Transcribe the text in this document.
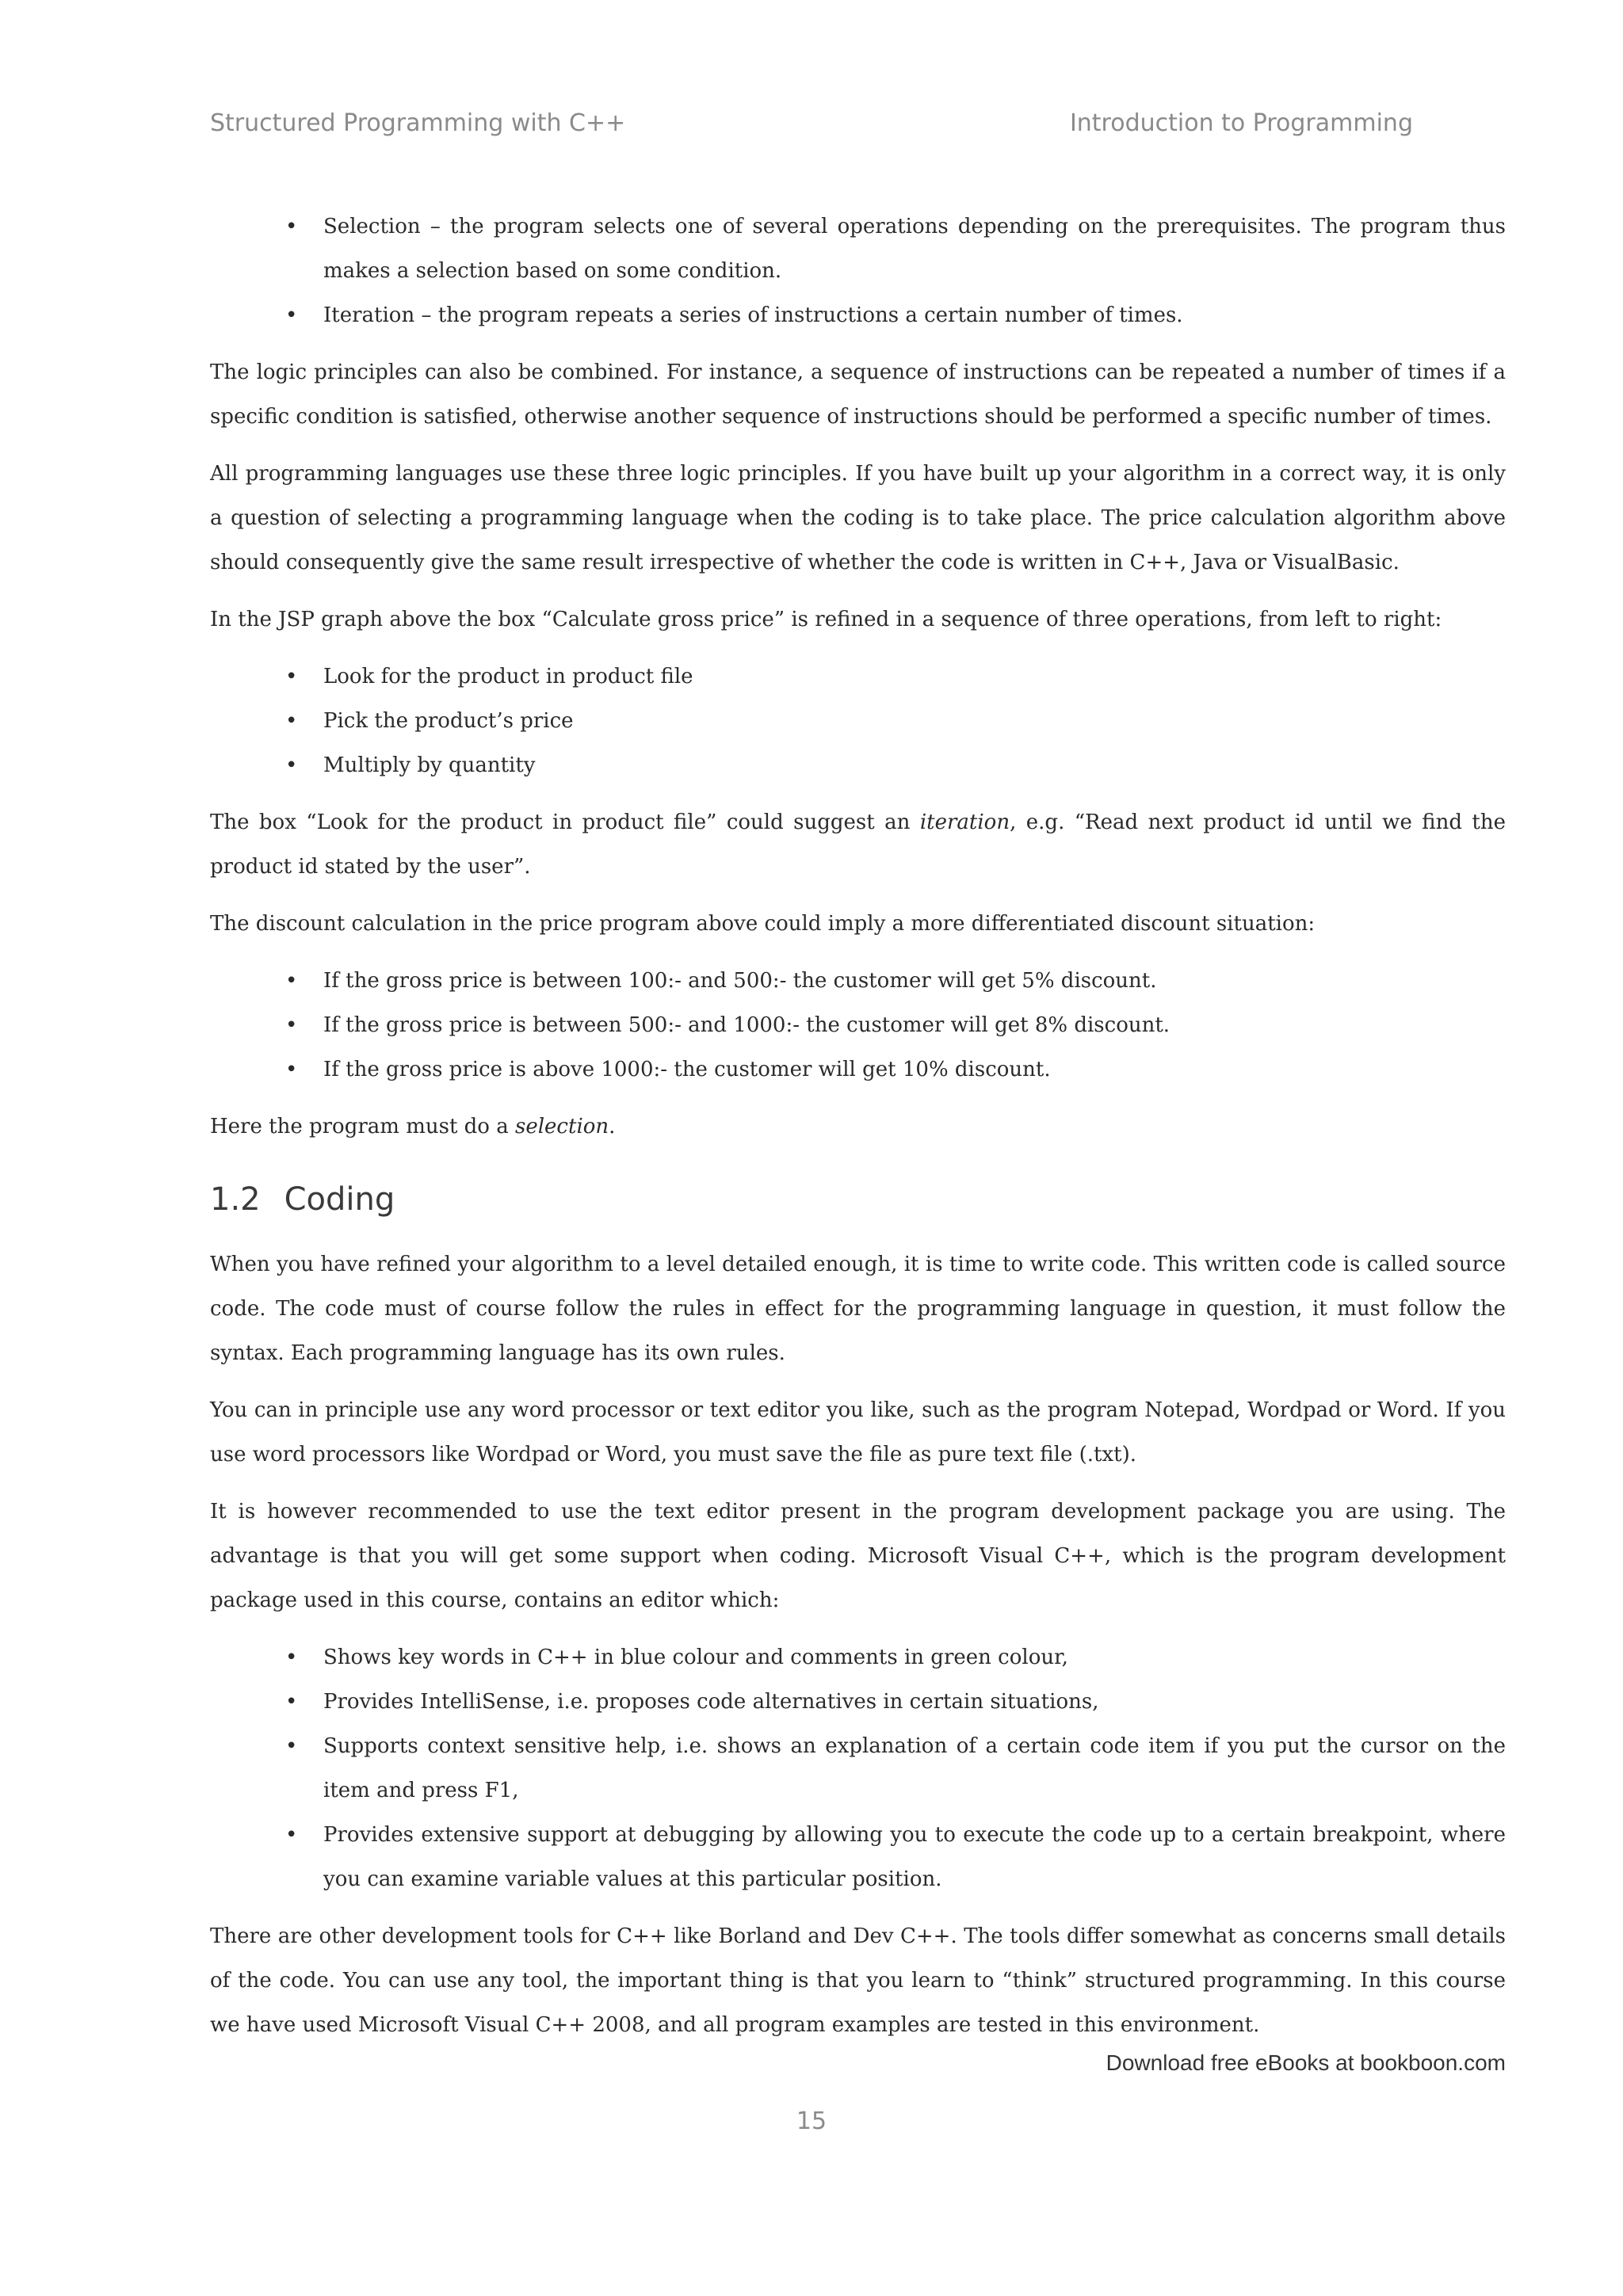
Structured Programming with C++	Introduction to Programming
• Selection – the program selects one of several operations depending on the prerequisites. The program thus makes a selection based on some condition.
• Iteration – the program repeats a series of instructions a certain number of times.

The logic principles can also be combined. For instance, a sequence of instructions can be repeated a number of times if a specific condition is satisfied, otherwise another sequence of instructions should be performed a specific number of times.

All programming languages use these three logic principles. If you have built up your algorithm in a correct way, it is only a question of selecting a programming language when the coding is to take place. The price calculation algorithm above should consequently give the same result irrespective of whether the code is written in C++, Java or VisualBasic.

In the JSP graph above the box “Calculate gross price” is refined in a sequence of three operations, from left to right:

• Look for the product in product file
• Pick the product’s price
• Multiply by quantity

The box “Look for the product in product file” could suggest an iteration, e.g. “Read next product id until we find the product id stated by the user”.

The discount calculation in the price program above could imply a more differentiated discount situation:

• If the gross price is between 100:- and 500:- the customer will get 5% discount.
• If the gross price is between 500:- and 1000:- the customer will get 8% discount.
• If the gross price is above 1000:- the customer will get 10% discount.

Here the program must do a selection.

1.2 Coding

When you have refined your algorithm to a level detailed enough, it is time to write code. This written code is called source code. The code must of course follow the rules in effect for the programming language in question, it must follow the syntax. Each programming language has its own rules.

You can in principle use any word processor or text editor you like, such as the program Notepad, Wordpad or Word. If you use word processors like Wordpad or Word, you must save the file as pure text file (.txt).

It is however recommended to use the text editor present in the program development package you are using. The advantage is that you will get some support when coding. Microsoft Visual C++, which is the program development package used in this course, contains an editor which:

• Shows key words in C++ in blue colour and comments in green colour,
• Provides IntelliSense, i.e. proposes code alternatives in certain situations,
• Supports context sensitive help, i.e. shows an explanation of a certain code item if you put the cursor on the item and press F1,
• Provides extensive support at debugging by allowing you to execute the code up to a certain breakpoint, where you can examine variable values at this particular position.

There are other development tools for C++ like Borland and Dev C++. The tools differ somewhat as concerns small details of the code. You can use any tool, the important thing is that you learn to “think” structured programming. In this course we have used Microsoft Visual C++ 2008, and all program examples are tested in this environment.

Download free eBooks at bookboon.com
15
